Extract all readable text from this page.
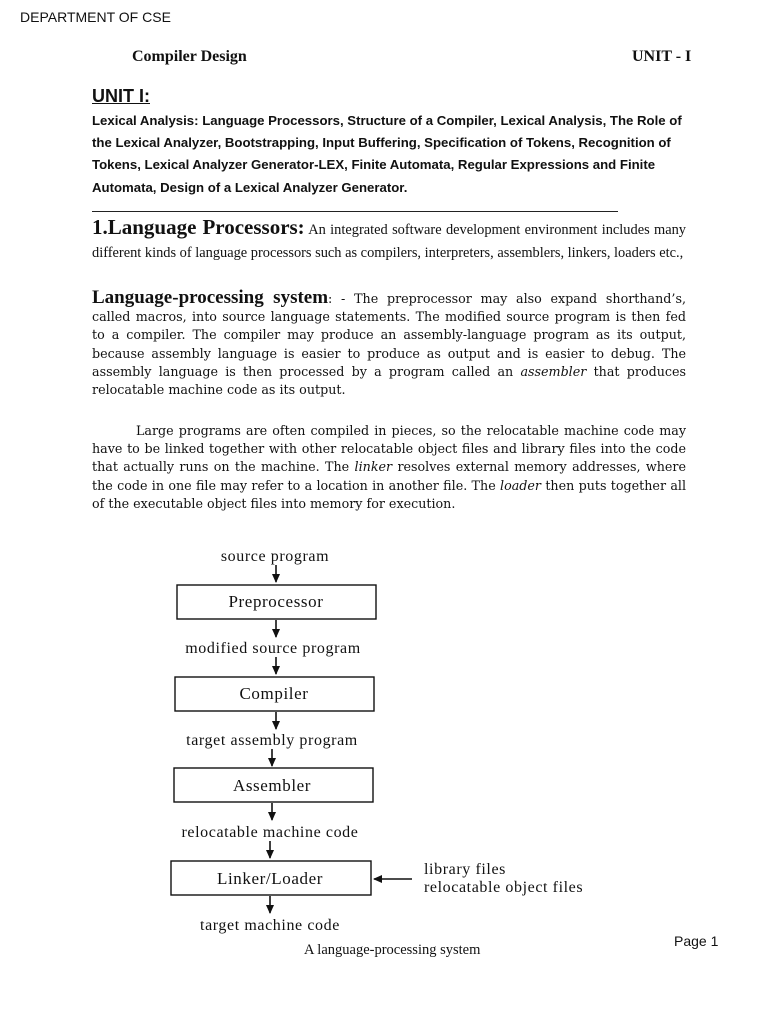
DEPARTMENT OF CSE
Compiler Design	UNIT - I
UNIT I:
Lexical Analysis: Language Processors, Structure of a Compiler, Lexical Analysis, The Role of the Lexical Analyzer, Bootstrapping, Input Buffering, Specification of Tokens, Recognition of Tokens, Lexical Analyzer Generator-LEX, Finite Automata, Regular Expressions and Finite Automata, Design of a Lexical Analyzer Generator.

1.Language Processors: An integrated software development environment includes many different kinds of language processors such as compilers, interpreters, assemblers, linkers, loaders etc.,

Language-processing system: - The preprocessor may also expand shorthand’s, called macros, into source language statements. The modified source program is then fed to a compiler. The compiler may produce an assembly-language program as its output, because assembly language is easier to produce as output and is easier to debug. The assembly language is then processed by a program called an assembler that produces relocatable machine code as its output.

Large programs are often compiled in pieces, so the relocatable machine code may have to be linked together with other relocatable object files and library files into the code that actually runs on the machine. The linker resolves external memory addresses, where the code in one file may refer to a location in another file. The loader then puts together all of the executable object files into memory for execution.

source program
Preprocessor
modified source program
Compiler
target assembly program
Assembler
relocatable machine code
Linker/Loader	library files
relocatable object files
target machine code
A language-processing system
Page 1
